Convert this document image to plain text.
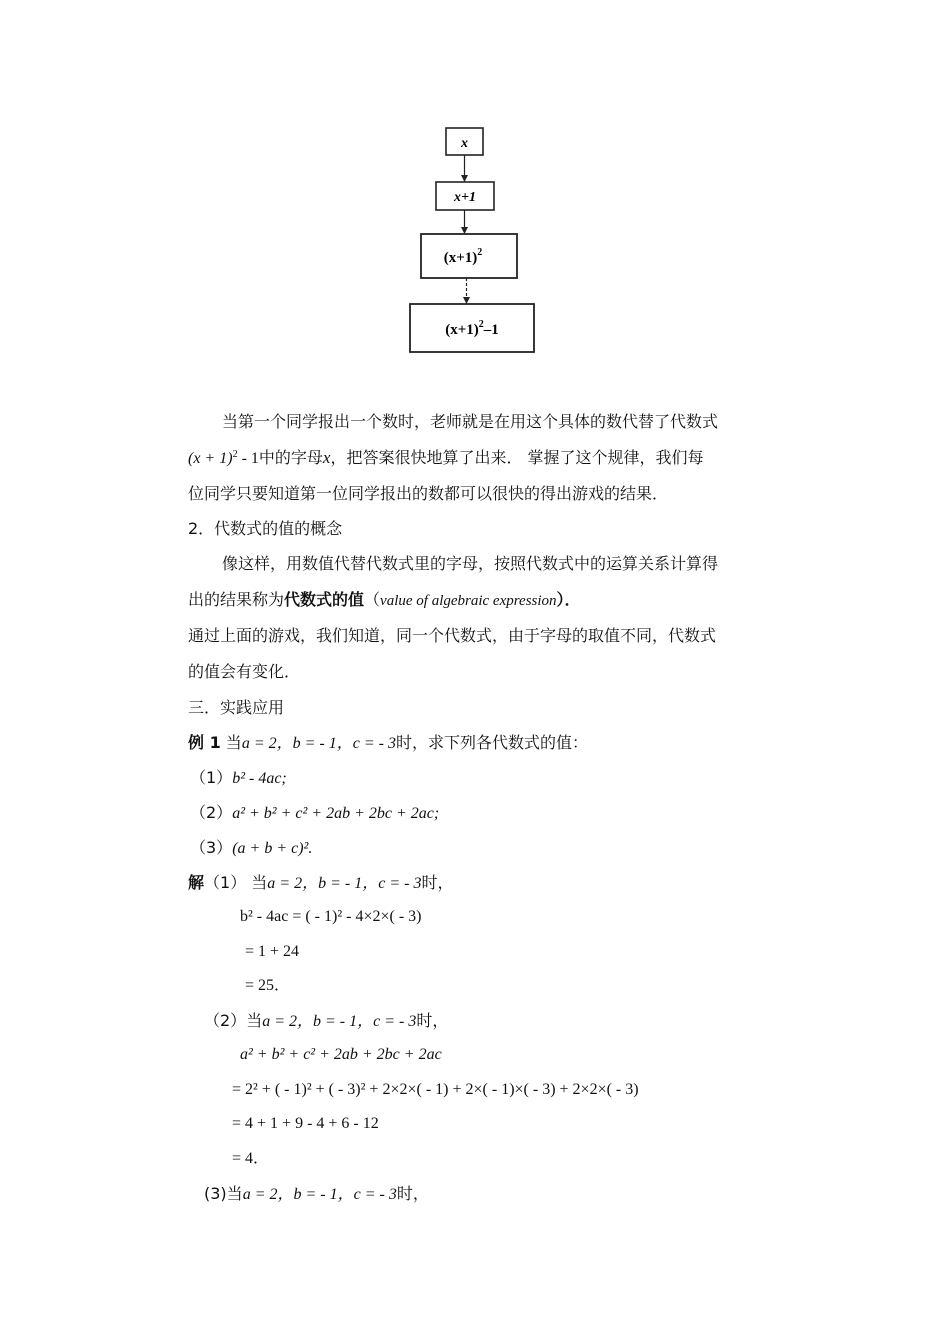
x
x+1
$(x+1)^2$
$(x+1)^2-1$
当第一个同学报出一个数时，老师就是在用这个具体的数代替了代数式
$(x + 1)^2 - 1$中的字母x，把答案很快地算了出来． 掌握了这个规律，我们每
位同学只要知道第一位同学报出的数都可以很快的得出游戏的结果．
2．代数式的值的概念
像这样，用数值代替代数式里的字母，按照代数式中的运算关系计算得
出的结果称为代数式的值（value of algebraic expression）．
通过上面的游戏，我们知道，同一个代数式，由于字母的取值不同，代数式
的值会有变化．
三．实践应用
例 1 当a = 2，b = - 1，c = - 3时，求下列各代数式的值：
（1）b² - 4ac;
（2）a² + b² + c² + 2ab + 2bc + 2ac;
（3）(a + b + c)².
解（1） 当a = 2，b = - 1，c = - 3时，
b² - 4ac = ( - 1)² - 4×2×( - 3)
= 1 + 24
= 25．
（2）当a = 2，b = - 1，c = - 3时，
a² + b² + c² + 2ab + 2bc + 2ac
= 2² + ( - 1)² + ( - 3)² + 2×2×( - 1) + 2×( - 1)×( - 3) + 2×2×( - 3)
= 4 + 1 + 9 - 4 + 6 - 12
= 4．
(3)当a = 2，b = - 1，c = - 3时，
